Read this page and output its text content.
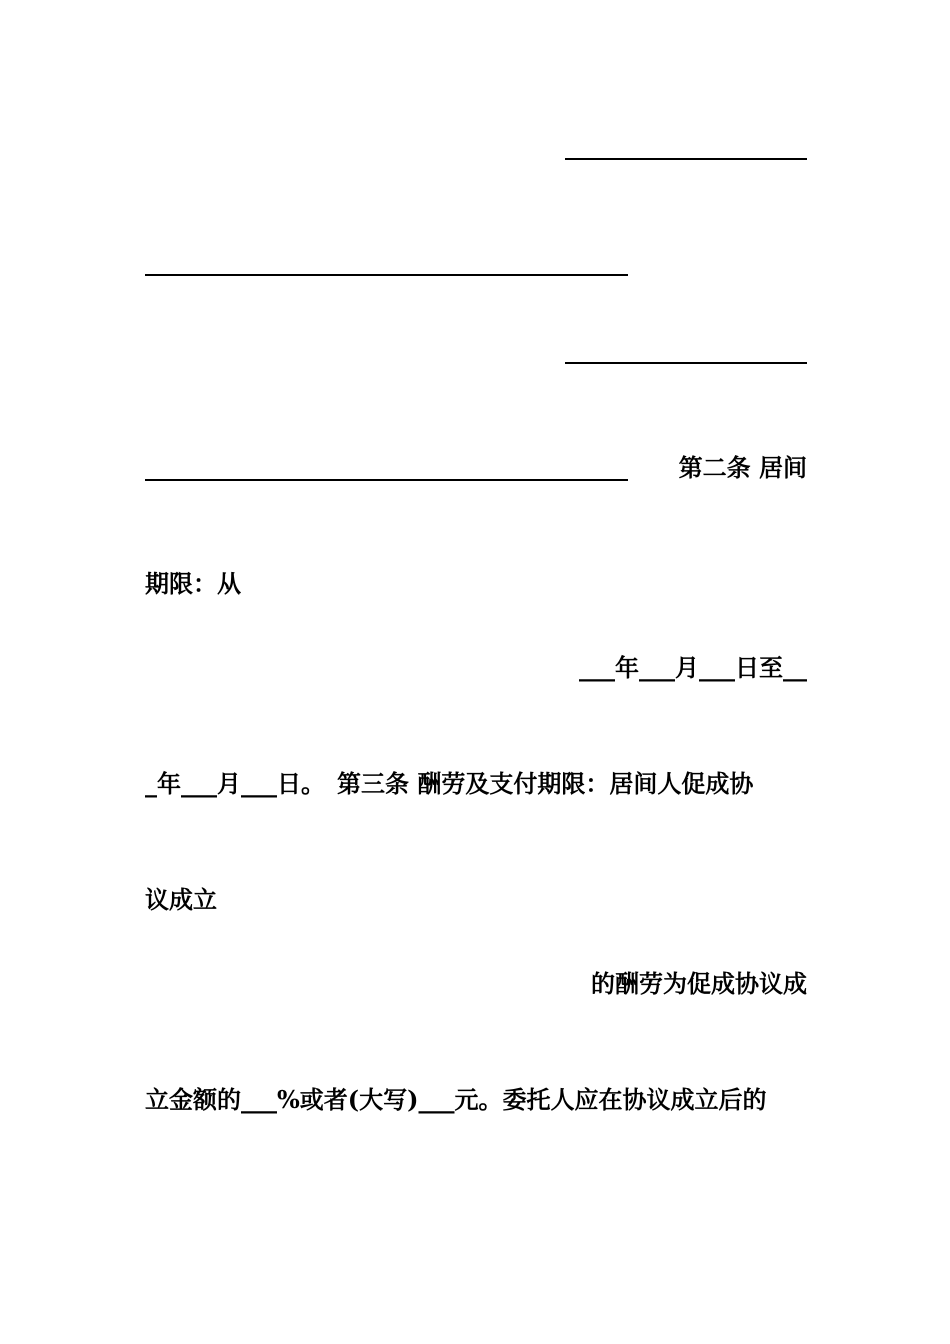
第二条 居间
期限：从
___年___月___日至__
_年___月___日。　第三条 酬劳及支付期限：居间人促成协
议成立
的酬劳为促成协议成
立金额的___%或者(大写)___元。委托人应在协议成立后的
